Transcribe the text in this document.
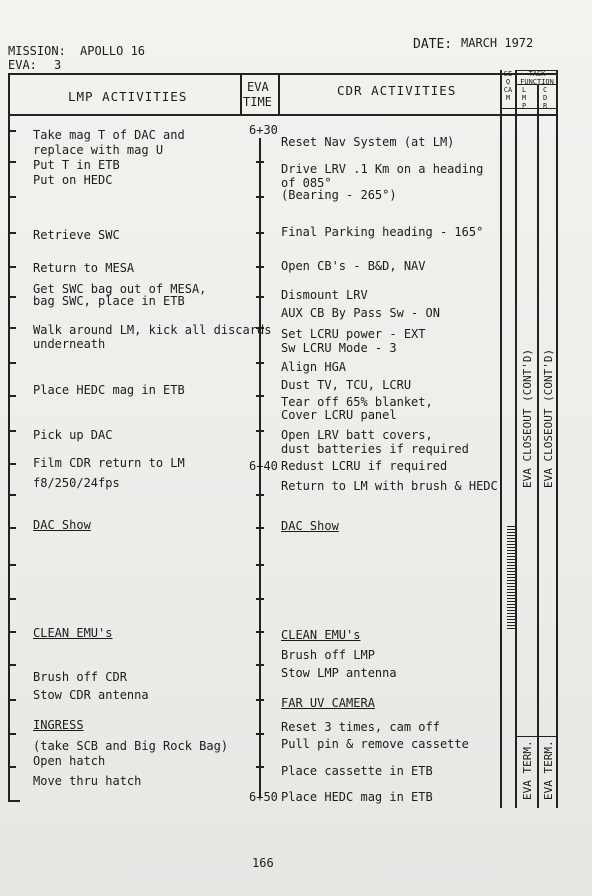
MISSION: APOLLO 16
EVA: 3
DATE: MARCH 1972
LMP ACTIVITIES
EVA
TIME
CDR ACTIVITIES
SEQ CAM
TASK FUNCTION
LMP
CDR
6+30
6+40
6+50
Take mag T of DAC and
replace with mag U
Put T in ETB
Put on HEDC
Retrieve SWC
Return to MESA
Get SWC bag out of MESA,
bag SWC, place in ETB
Walk around LM, kick all discards
underneath
Place HEDC mag in ETB
Pick up DAC
Film CDR return to LM
f8/250/24fps
DAC Show
CLEAN EMU's
Brush off CDR
Stow CDR antenna
INGRESS
(take SCB and Big Rock Bag)
Open hatch
Move thru hatch
Reset Nav System (at LM)
Drive LRV .1 Km on a heading
of 085°
(Bearing - 265°)
Final Parking heading - 165°
Open CB's - B&D, NAV
Dismount LRV
AUX CB By Pass Sw - ON
Set LCRU power - EXT
Sw LCRU Mode - 3
Align HGA
Dust TV, TCU, LCRU
Tear off 65% blanket,
Cover LCRU panel
Open LRV batt covers,
dust batteries if required
Redust LCRU if required
Return to LM with brush & HEDC
DAC Show
CLEAN EMU's
Brush off LMP
Stow LMP antenna
FAR UV CAMERA
Reset 3 times, cam off
Pull pin & remove cassette
Place cassette in ETB
Place HEDC mag in ETB
EVA CLOSEOUT (CONT'D) EVA CLOSEOUT (CONT'D)
EVA TERM. EVA TERM.
166
